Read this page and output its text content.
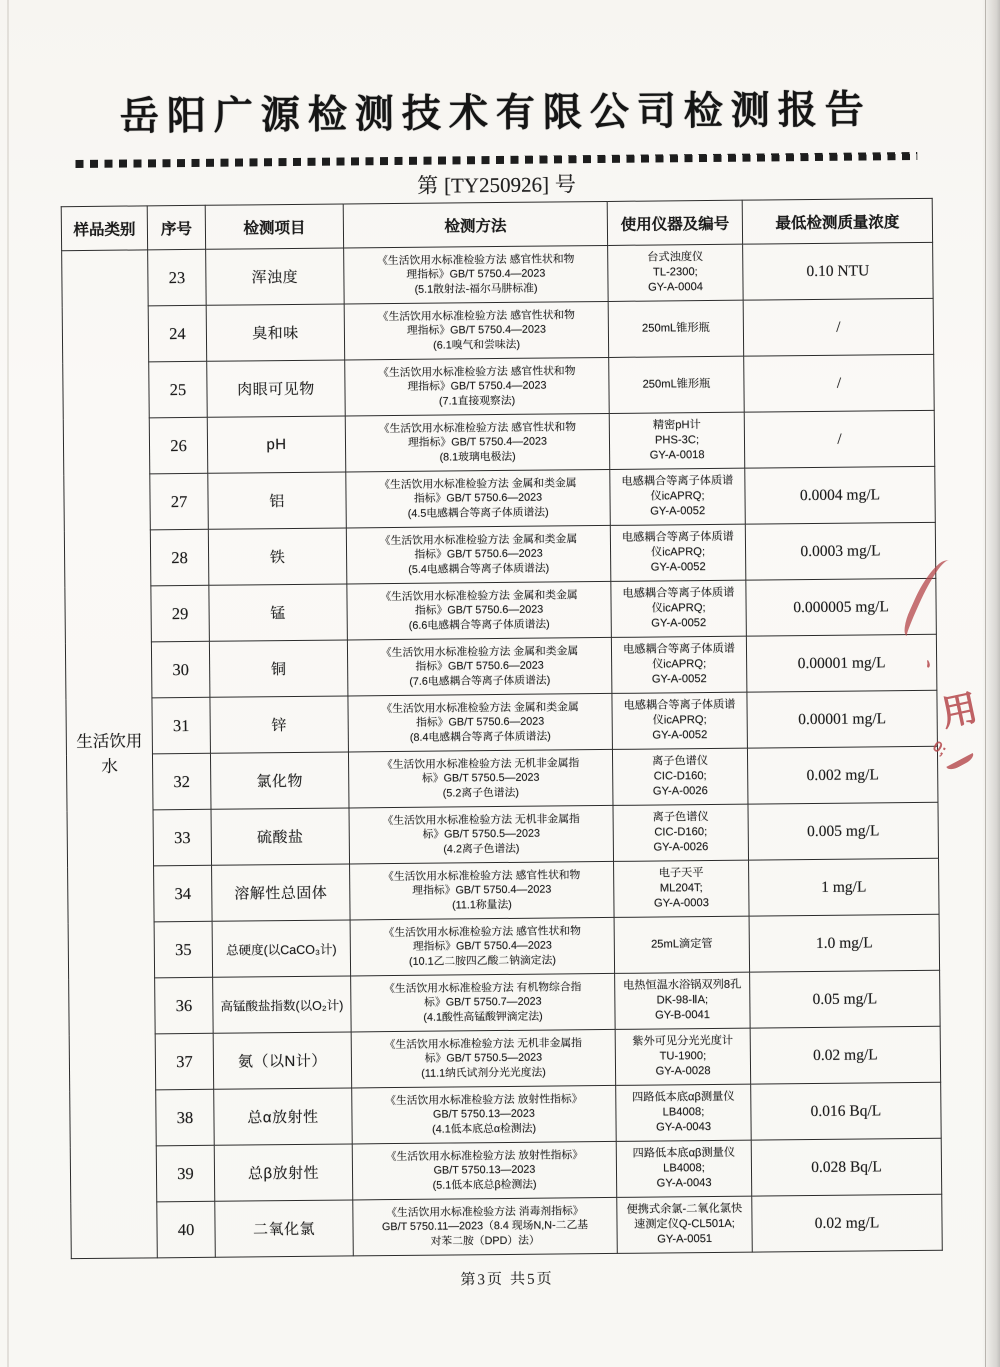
岳阳广源检测技术有限公司检测报告
第 [TY250926] 号
样品类别	序号	检测项目	检测方法	使用仪器及编号	最低检测质量浓度
生活饮用水	23	浑浊度	《生活饮用水标准检验方法 感官性状和物
理指标》GB/T 5750.4—2023
(5.1散射法-福尔马肼标准)	台式浊度仪
TL-2300;
GY-A-0004	0.10 NTU
	24	臭和味	《生活饮用水标准检验方法 感官性状和物
理指标》GB/T 5750.4—2023
(6.1嗅气和尝味法)	250mL锥形瓶	/
	25	肉眼可见物	《生活饮用水标准检验方法 感官性状和物
理指标》GB/T 5750.4—2023
(7.1直接观察法)	250mL锥形瓶	/
	26	pH	《生活饮用水标准检验方法 感官性状和物
理指标》GB/T 5750.4—2023
(8.1玻璃电极法)	精密pH计
PHS-3C;
GY-A-0018	/
	27	铝	《生活饮用水标准检验方法 金属和类金属
指标》GB/T 5750.6—2023
(4.5电感耦合等离子体质谱法)	电感耦合等离子体质谱
仪icAPRQ;
GY-A-0052	0.0004 mg/L
	28	铁	《生活饮用水标准检验方法 金属和类金属
指标》GB/T 5750.6—2023
(5.4电感耦合等离子体质谱法)	电感耦合等离子体质谱
仪icAPRQ;
GY-A-0052	0.0003 mg/L
	29	锰	《生活饮用水标准检验方法 金属和类金属
指标》GB/T 5750.6—2023
(6.6电感耦合等离子体质谱法)	电感耦合等离子体质谱
仪icAPRQ;
GY-A-0052	0.000005 mg/L
	30	铜	《生活饮用水标准检验方法 金属和类金属
指标》GB/T 5750.6—2023
(7.6电感耦合等离子体质谱法)	电感耦合等离子体质谱
仪icAPRQ;
GY-A-0052	0.00001 mg/L
	31	锌	《生活饮用水标准检验方法 金属和类金属
指标》GB/T 5750.6—2023
(8.4电感耦合等离子体质谱法)	电感耦合等离子体质谱
仪icAPRQ;
GY-A-0052	0.00001 mg/L
	32	氯化物	《生活饮用水标准检验方法 无机非金属指
标》GB/T 5750.5—2023
(5.2离子色谱法)	离子色谱仪
CIC-D160;
GY-A-0026	0.002 mg/L
	33	硫酸盐	《生活饮用水标准检验方法 无机非金属指
标》GB/T 5750.5—2023
(4.2离子色谱法)	离子色谱仪
CIC-D160;
GY-A-0026	0.005 mg/L
	34	溶解性总固体	《生活饮用水标准检验方法 感官性状和物
理指标》GB/T 5750.4—2023
(11.1称量法)	电子天平
ML204T;
GY-A-0003	1 mg/L
	35	总硬度(以CaCO₃计)	《生活饮用水标准检验方法 感官性状和物
理指标》GB/T 5750.4—2023
(10.1乙二胺四乙酸二钠滴定法)	25mL滴定管	1.0 mg/L
	36	高锰酸盐指数(以O₂计)	《生活饮用水标准检验方法 有机物综合指
标》GB/T 5750.7—2023
(4.1酸性高锰酸钾滴定法)	电热恒温水浴锅双列8孔
DK-98-ⅡA;
GY-B-0041	0.05 mg/L
	37	氨（以N计）	《生活饮用水标准检验方法 无机非金属指
标》GB/T 5750.5—2023
(11.1纳氏试剂分光光度法)	紫外可见分光光度计
TU-1900;
GY-A-0028	0.02 mg/L
	38	总α放射性	《生活饮用水标准检验方法 放射性指标》
GB/T 5750.13—2023
(4.1低本底总α检测法)	四路低本底αβ测量仪
LB4008;
GY-A-0043	0.016 Bq/L
	39	总β放射性	《生活饮用水标准检验方法 放射性指标》
GB/T 5750.13—2023
(5.1低本底总β检测法)	四路低本底αβ测量仪
LB4008;
GY-A-0043	0.028 Bq/L
	40	二氧化氯	《生活饮用水标准检验方法 消毒剂指标》
GB/T 5750.11—2023（8.4 现场N,N-二乙基
对苯二胺（DPD）法）	便携式余氯-二氧化氯快
速测定仪Q-CL501A;
GY-A-0051	0.02 mg/L
第3页 共5页
、
用
0;
